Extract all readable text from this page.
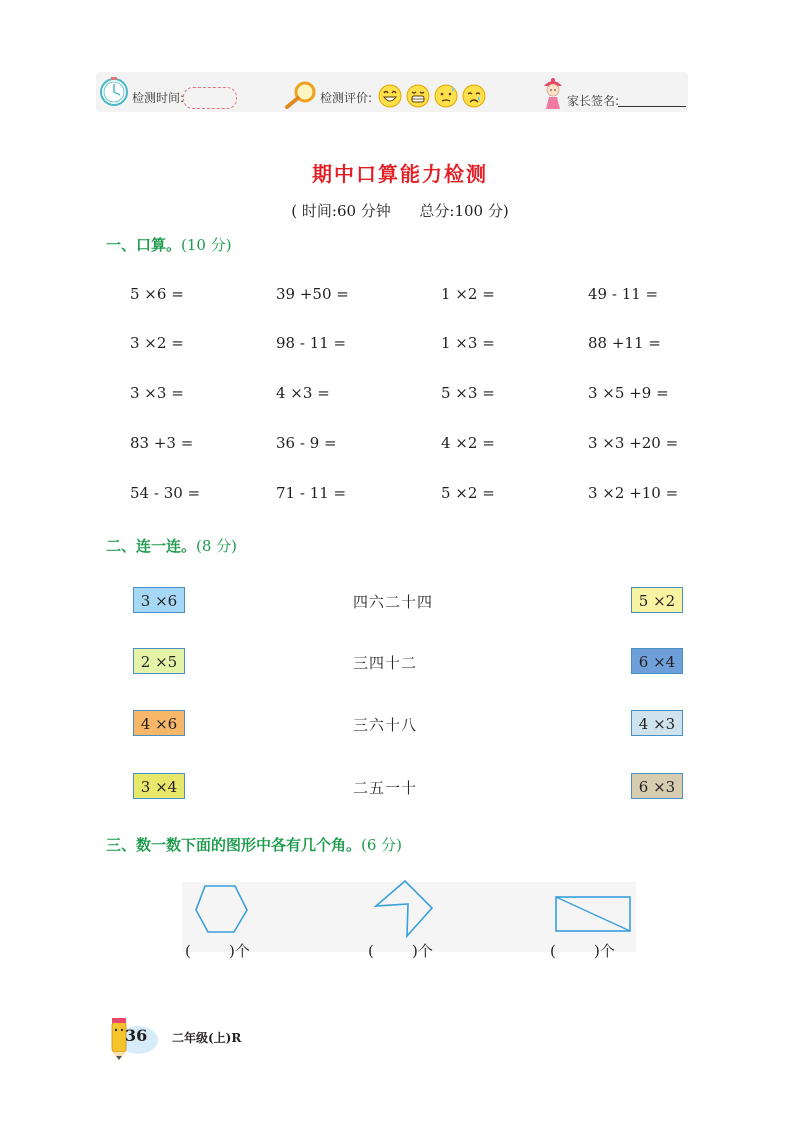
检测时间:	检测评价:	家长签名:
期中口算能力检测
( 时间:60 分钟      总分:100 分)
一、口算。(10 分)
5 ×6 =	39 +50 =	1 ×2 =	49 - 11 =
3 ×2 =	98 - 11 =	1 ×3 =	88 +11 =
3 ×3 =	4 ×3 =	5 ×3 =	3 ×5 +9 =
83 +3 =	36 - 9 =	4 ×2 =	3 ×3 +20 =
54 - 30 =	71 - 11 =	5 ×2 =	3 ×2 +10 =
二、连一连。(8 分)
3 ×6
2 ×5
4 ×6
3 ×4
四六二十四
三四十二
三六十八
二五一十
5 ×2
6 ×4
4 ×3
6 ×3
三、数一数下面的图形中各有几个角。(6 分)
(        )个	(        )个	(        )个
36 二年级(上)R
